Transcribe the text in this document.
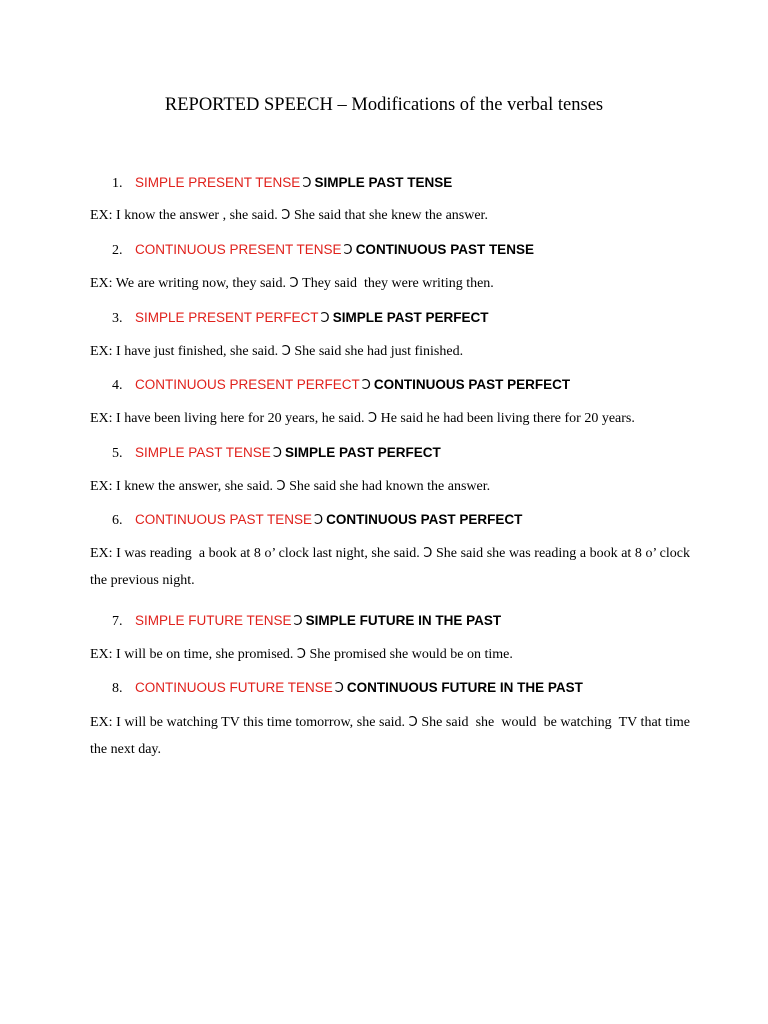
REPORTED SPEECH – Modifications of the verbal tenses
1. SIMPLE PRESENT TENSE Ͻ SIMPLE PAST TENSE
EX: I know the answer , she said. Ͻ She said that she knew the answer.
2. CONTINUOUS PRESENT TENSE Ͻ CONTINUOUS PAST TENSE
EX: We are writing now, they said. Ͻ They said  they were writing then.
3. SIMPLE PRESENT PERFECT Ͻ SIMPLE PAST PERFECT
EX: I have just finished, she said. Ͻ She said she had just finished.
4. CONTINUOUS PRESENT PERFECT Ͻ CONTINUOUS PAST PERFECT
EX: I have been living here for 20 years, he said. Ͻ He said he had been living there for 20 years.
5. SIMPLE PAST TENSE Ͻ SIMPLE PAST PERFECT
EX: I knew the answer, she said. Ͻ She said she had known the answer.
6. CONTINUOUS PAST TENSE Ͻ CONTINUOUS PAST PERFECT
EX: I was reading  a book at 8 o’ clock last night, she said. Ͻ She said she was reading a book at 8 o’ clock the previous night.
7. SIMPLE FUTURE TENSE Ͻ SIMPLE FUTURE IN THE PAST
EX: I will be on time, she promised. Ͻ She promised she would be on time.
8. CONTINUOUS FUTURE TENSE Ͻ CONTINUOUS FUTURE IN THE PAST
EX: I will be watching TV this time tomorrow, she said. Ͻ She said  she  would  be watching  TV that time  the next day.
